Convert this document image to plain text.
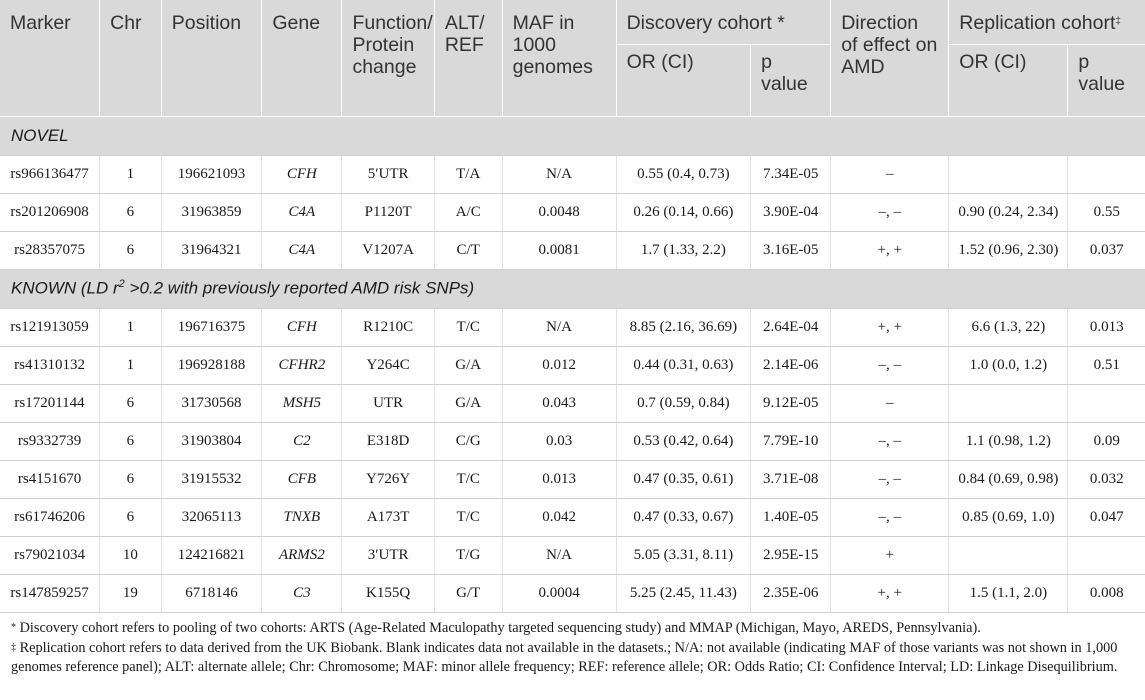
Marker	Chr	Position	Gene	Function/ Protein change	ALT/ REF	MAF in 1000 genomes	Discovery cohort *		Direction of effect on AMD	Replication cohort‡
							OR (CI)	p value		OR (CI)	p value
NOVEL											
rs966136477	1	196621093	CFH	5′UTR	T/A	N/A	0.55 (0.4, 0.73)	7.34E-05	–		
rs201206908	6	31963859	C4A	P1120T	A/C	0.0048	0.26 (0.14, 0.66)	3.90E-04	–, –	0.90 (0.24, 2.34)	0.55
rs28357075	6	31964321	C4A	V1207A	C/T	0.0081	1.7 (1.33, 2.2)	3.16E-05	+, +	1.52 (0.96, 2.30)	0.037
KNOWN (LD $r^2 >0.2$ with previously reported AMD risk SNPs)											
rs121913059	1	196716375	CFH	R1210C	T/C	N/A	8.85 (2.16, 36.69)	2.64E-04	+, +	6.6 (1.3, 22)	0.013
rs41310132	1	196928188	CFHR2	Y264C	G/A	0.012	0.44 (0.31, 0.63)	2.14E-06	–, –	1.0 (0.0, 1.2)	0.51
rs17201144	6	31730568	MSH5	UTR	G/A	0.043	0.7 (0.59, 0.84)	9.12E-05	–		
rs9332739	6	31903804	C2	E318D	C/G	0.03	0.53 (0.42, 0.64)	7.79E-10	–, –	1.1 (0.98, 1.2)	0.09
rs4151670	6	31915532	CFB	Y726Y	T/C	0.013	0.47 (0.35, 0.61)	3.71E-08	–, –	0.84 (0.69, 0.98)	0.032
rs61746206	6	32065113	TNXB	A173T	T/C	0.042	0.47 (0.33, 0.67)	1.40E-05	–, –	0.85 (0.69, 1.0)	0.047
rs79021034	10	124216821	ARMS2	3′UTR	T/G	N/A	5.05 (3.31, 8.11)	2.95E-15	+		
rs147859257	19	6718146	C3	K155Q	G/T	0.0004	5.25 (2.45, 11.43)	2.35E-06	+, +	1.5 (1.1, 2.0)	0.008

* Discovery cohort refers to pooling of two cohorts: ARTS (Age-Related Maculopathy targeted sequencing study) and MMAP (Michigan, Mayo, AREDS, Pennsylvania).

‡ Replication cohort refers to data derived from the UK Biobank. Blank indicates data not available in the datasets.; N/A: not available (indicating MAF of those variants was not shown in 1,000 genomes reference panel); ALT: alternate allele; Chr: Chromosome; MAF: minor allele frequency; REF: reference allele; OR: Odds Ratio; CI: Confidence Interval; LD: Linkage Disequilibrium.
